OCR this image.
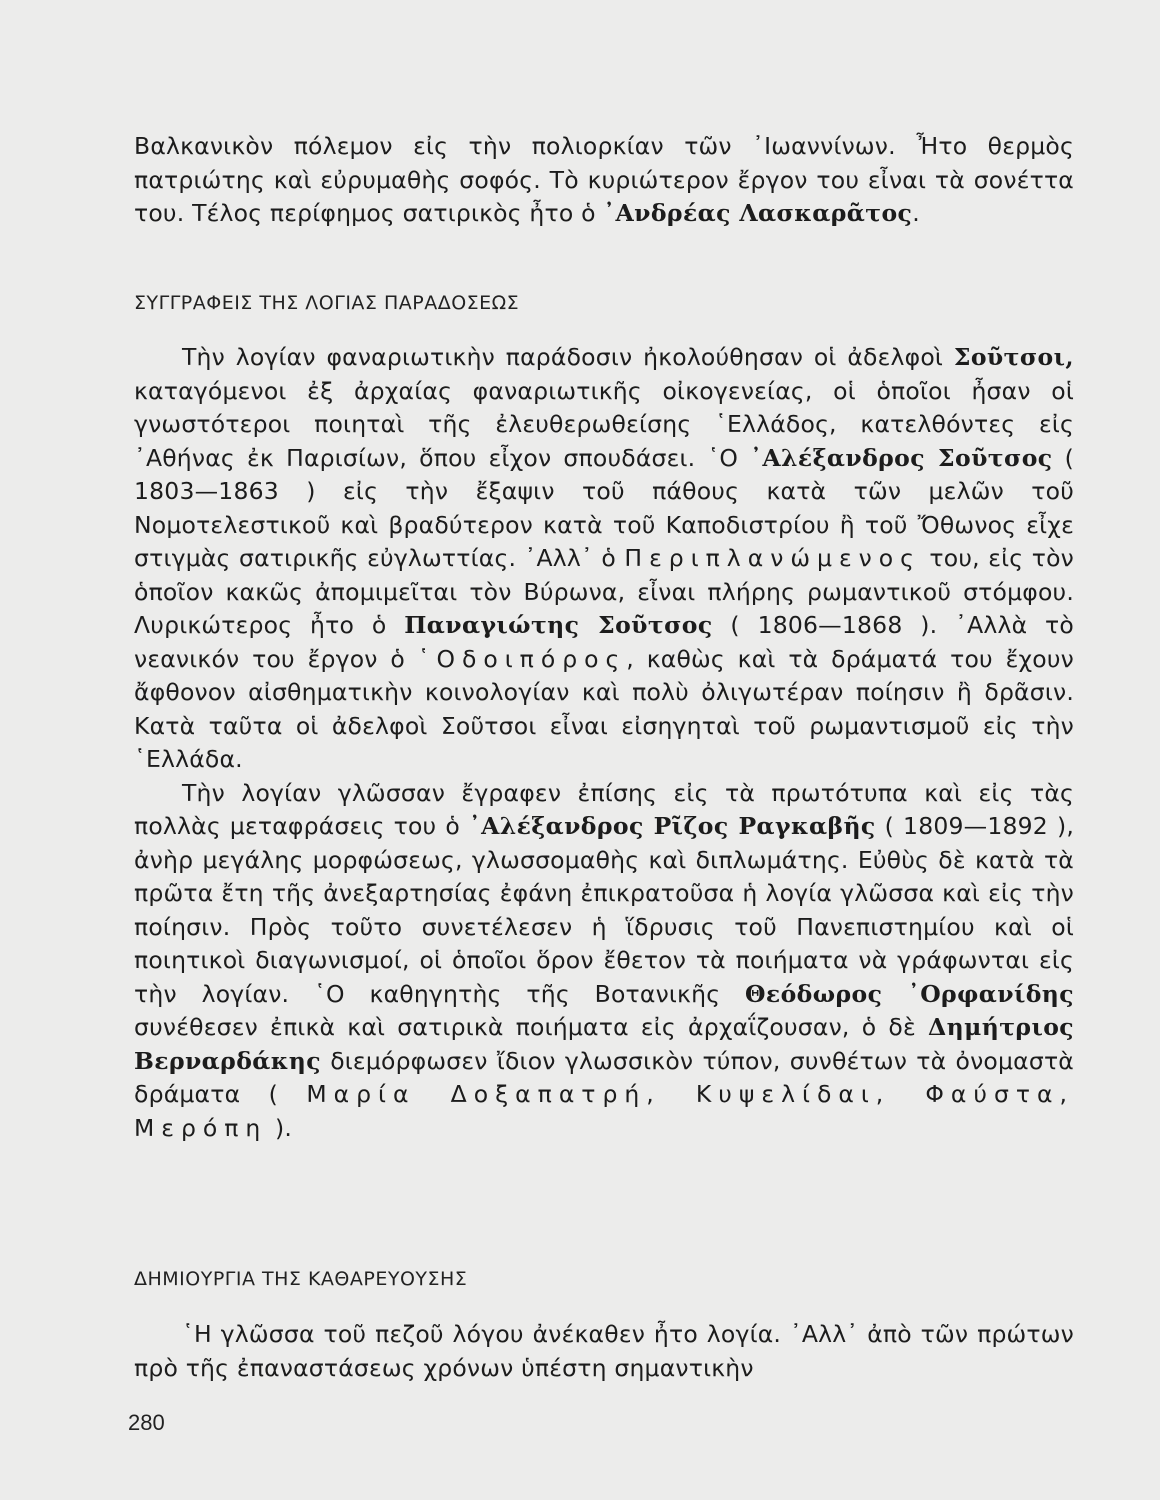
Βαλκανικὸν πόλεμον εἰς τὴν πολιορκίαν τῶν ᾽Ιωαννίνων. Ἦτο θερμὸς πατριώτης καὶ εὐρυμαθὴς σοφός. Τὸ κυριώτερον ἔργον του εἶναι τὰ σονέττα του. Τέλος περίφημος σατιρικὸς ἦτο ὁ ᾽Ανδρέας Λασκαρᾶτος.

ΣΥΓΓΡΑΦΕΙΣ ΤΗΣ ΛΟΓΙΑΣ ΠΑΡΑΔΟΣΕΩΣ

Τὴν λογίαν φαναριωτικὴν παράδοσιν ἠκολούθησαν οἱ ἀδελφοὶ Σοῦτσοι, καταγόμενοι ἐξ ἀρχαίας φαναριωτικῆς οἰκογενείας, οἱ ὁποῖοι ἦσαν οἱ γνωστότεροι ποιηταὶ τῆς ἐλευθερωθείσης ῾Ελλάδος, κατελθόντες εἰς ᾽Αθήνας ἐκ Παρισίων, ὅπου εἶχον σπουδάσει. ῾Ο ᾽Αλέξανδρος Σοῦτσος ( 1803—1863 ) εἰς τὴν ἔξαψιν τοῦ πάθους κατὰ τῶν μελῶν τοῦ Νομοτελεστικοῦ καὶ βραδύτερον κατὰ τοῦ Καποδιστρίου ἢ τοῦ Ὄθωνος εἶχε στιγμὰς σατιρικῆς εὐγλωττίας. ᾽Αλλ᾽ ὁ Περιπλανώμενος του, εἰς τὸν ὁποῖον κακῶς ἀπομιμεῖται τὸν Βύρωνα, εἶναι πλήρης ρωμαντικοῦ στόμφου. Λυρικώτερος ἦτο ὁ Παναγιώτης Σοῦτσος ( 1806—1868 ). ᾽Αλλὰ τὸ νεανικόν του ἔργον ὁ ῾Οδοιπόρος, καθὼς καὶ τὰ δράματά του ἔχουν ἄφθονον αἰσθηματικὴν κοινολογίαν καὶ πολὺ ὀλιγωτέραν ποίησιν ἢ δρᾶσιν. Κατὰ ταῦτα οἱ ἀδελφοὶ Σοῦτσοι εἶναι εἰσηγηταὶ τοῦ ρωμαντισμοῦ εἰς τὴν ῾Ελλάδα.

Τὴν λογίαν γλῶσσαν ἔγραφεν ἐπίσης εἰς τὰ πρωτότυπα καὶ εἰς τὰς πολλὰς μεταφράσεις του ὁ ᾽Αλέξανδρος Ρῖζος Ραγκαβῆς ( 1809—1892 ), ἀνὴρ μεγάλης μορφώσεως, γλωσσομαθὴς καὶ διπλωμάτης. Εὐθὺς δὲ κατὰ τὰ πρῶτα ἔτη τῆς ἀνεξαρτησίας ἐφάνη ἐπικρατοῦσα ἡ λογία γλῶσσα καὶ εἰς τὴν ποίησιν. Πρὸς τοῦτο συνετέλεσεν ἡ ἵδρυσις τοῦ Πανεπιστημίου καὶ οἱ ποιητικοὶ διαγωνισμοί, οἱ ὁποῖοι ὅρον ἔθετον τὰ ποιήματα νὰ γράφωνται εἰς τὴν λογίαν. ῾Ο καθηγητὴς τῆς Βοτανικῆς Θεόδωρος ᾽Ορφανίδης συνέθεσεν ἐπικὰ καὶ σατιρικὰ ποιήματα εἰς ἀρχαΐζουσαν, ὁ δὲ Δημήτριος Βερναρδάκης διεμόρφωσεν ἴδιον γλωσσικὸν τύπον, συνθέτων τὰ ὀνομαστὰ δράματα ( Μαρία Δοξαπατρή, Κυψελίδαι, Φαύστα, Μερόπη ).

ΔΗΜΙΟΥΡΓΙΑ ΤΗΣ ΚΑΘΑΡΕΥΟΥΣΗΣ

῾Η γλῶσσα τοῦ πεζοῦ λόγου ἀνέκαθεν ἦτο λογία. ᾽Αλλ᾽ ἀπὸ τῶν πρώτων πρὸ τῆς ἐπαναστάσεως χρόνων ὑπέστη σημαντικὴν

280
